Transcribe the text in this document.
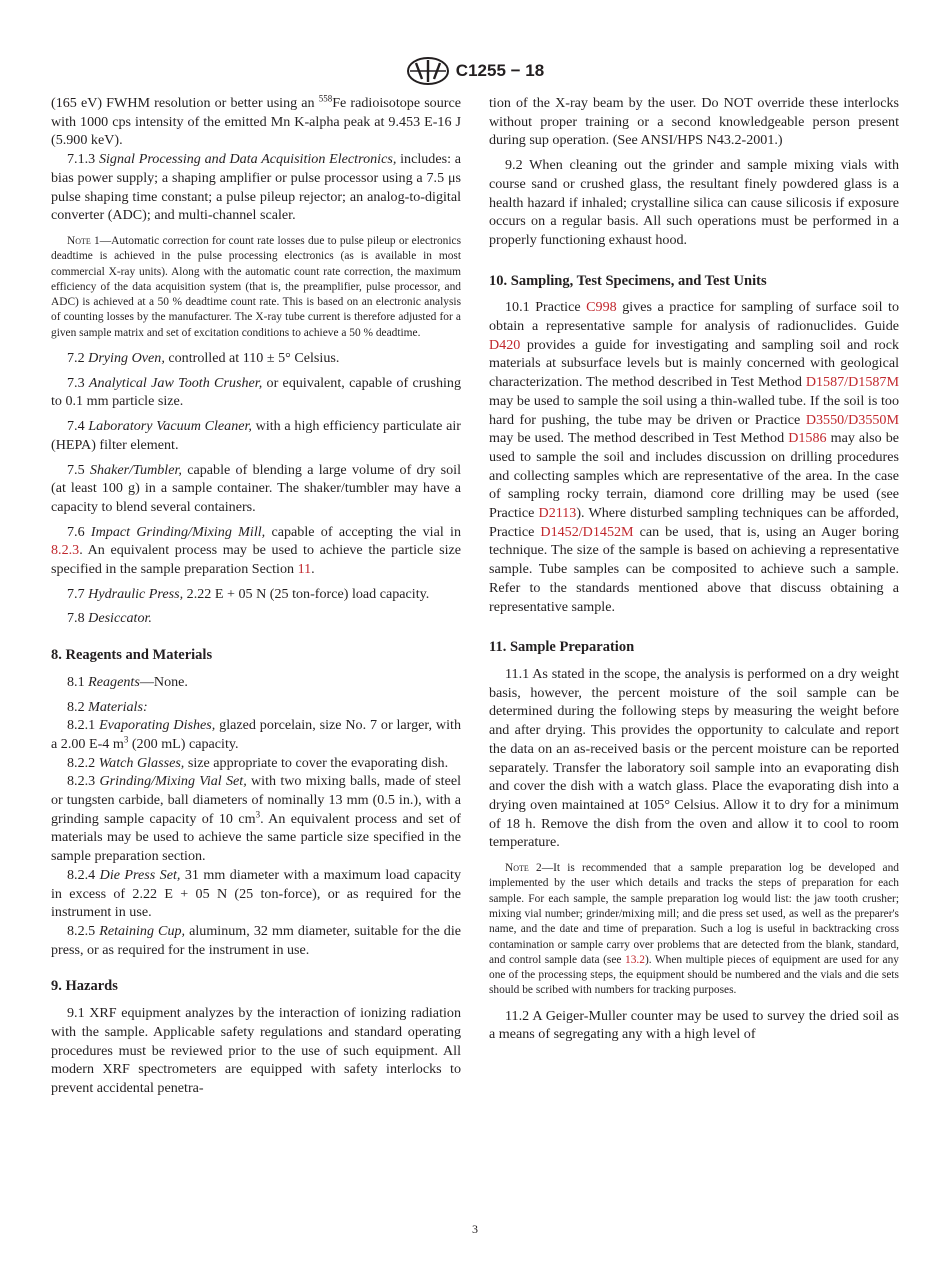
C1255 − 18

(165 eV) FWHM resolution or better using an $^{558}$Fe radioisotope source with 1000 cps intensity of the emitted Mn K-alpha peak at 9.453 E-16 J (5.900 keV).

7.1.3 Signal Processing and Data Acquisition Electronics, includes: a bias power supply; a shaping amplifier or pulse processor using a 7.5 μs pulse shaping time constant; a pulse pileup rejector; an analog-to-digital converter (ADC); and multi-channel scaler.

Note 1—Automatic correction for count rate losses due to pulse pileup or electronics deadtime is achieved in the pulse processing electronics (as is available in most commercial X-ray units). Along with the automatic count rate correction, the maximum efficiency of the data acquisition system (that is, the preamplifier, pulse processor, and ADC) is achieved at a 50 % deadtime count rate. This is based on an electronic analysis of counting losses by the manufacturer. The X-ray tube current is therefore adjusted for a given sample matrix and set of excitation conditions to achieve a 50 % deadtime.

7.2 Drying Oven, controlled at 110 ± 5° Celsius.

7.3 Analytical Jaw Tooth Crusher, or equivalent, capable of crushing to 0.1 mm particle size.

7.4 Laboratory Vacuum Cleaner, with a high efficiency particulate air (HEPA) filter element.

7.5 Shaker/Tumbler, capable of blending a large volume of dry soil (at least 100 g) in a sample container. The shaker/tumbler may have a capacity to blend several containers.

7.6 Impact Grinding/Mixing Mill, capable of accepting the vial in 8.2.3. An equivalent process may be used to achieve the particle size specified in the sample preparation Section 11.

7.7 Hydraulic Press, 2.22 E + 05 N (25 ton-force) load capacity.

7.8 Desiccator.

8. Reagents and Materials

8.1 Reagents—None.

8.2 Materials:

8.2.1 Evaporating Dishes, glazed porcelain, size No. 7 or larger, with a 2.00 E-4 $m^3$ (200 mL) capacity.

8.2.2 Watch Glasses, size appropriate to cover the evaporating dish.

8.2.3 Grinding/Mixing Vial Set, with two mixing balls, made of steel or tungsten carbide, ball diameters of nominally 13 mm (0.5 in.), with a grinding sample capacity of 10 $cm^3$. An equivalent process and set of materials may be used to achieve the same particle size specified in the sample preparation section.

8.2.4 Die Press Set, 31 mm diameter with a maximum load capacity in excess of 2.22 E + 05 N (25 ton-force), or as required for the instrument in use.

8.2.5 Retaining Cup, aluminum, 32 mm diameter, suitable for the die press, or as required for the instrument in use.

9. Hazards

9.1 XRF equipment analyzes by the interaction of ionizing radiation with the sample. Applicable safety regulations and standard operating procedures must be reviewed prior to the use of such equipment. All modern XRF spectrometers are equipped with safety interlocks to prevent accidental penetra-

tion of the X-ray beam by the user. Do NOT override these interlocks without proper training or a second knowledgeable person present during sup operation. (See ANSI/HPS N43.2-2001.)

9.2 When cleaning out the grinder and sample mixing vials with course sand or crushed glass, the resultant finely powdered glass is a health hazard if inhaled; crystalline silica can cause silicosis if exposure occurs on a regular basis. All such operations must be performed in a properly functioning exhaust hood.

10. Sampling, Test Specimens, and Test Units

10.1 Practice C998 gives a practice for sampling of surface soil to obtain a representative sample for analysis of radionuclides. Guide D420 provides a guide for investigating and sampling soil and rock materials at subsurface levels but is mainly concerned with geological characterization. The method described in Test Method D1587/D1587M may be used to sample the soil using a thin-walled tube. If the soil is too hard for pushing, the tube may be driven or Practice D3550/D3550M may be used. The method described in Test Method D1586 may also be used to sample the soil and includes discussion on drilling procedures and collecting samples which are representative of the area. In the case of sampling rocky terrain, diamond core drilling may be used (see Practice D2113). Where disturbed sampling techniques can be afforded, Practice D1452/D1452M can be used, that is, using an Auger boring technique. The size of the sample is based on achieving a representative sample. Tube samples can be composited to achieve such a sample. Refer to the standards mentioned above that discuss obtaining a representative sample.

11. Sample Preparation

11.1 As stated in the scope, the analysis is performed on a dry weight basis, however, the percent moisture of the soil sample can be determined during the following steps by measuring the weight before and after drying. This provides the opportunity to calculate and report the data on an as-received basis or the percent moisture can be reported separately. Transfer the laboratory soil sample into an evaporating dish and cover the dish with a watch glass. Place the evaporating dish into a drying oven maintained at 105° Celsius. Allow it to dry for a minimum of 18 h. Remove the dish from the oven and allow it to cool to room temperature.

Note 2—It is recommended that a sample preparation log be developed and implemented by the user which details and tracks the steps of preparation for each sample. For each sample, the sample preparation log would list: the jaw tooth crusher; mixing vial number; grinder/mixing mill; and die press set used, as well as the preparer's name, and the date and time of preparation. Such a log is useful in backtracking cross contamination or sample carry over problems that are detected from the blank, standard, and control sample data (see 13.2). When multiple pieces of equipment are used for any one of the processing steps, the equipment should be numbered and the vials and die sets should be scribed with numbers for tracking purposes.

11.2 A Geiger-Muller counter may be used to survey the dried soil as a means of segregating any with a high level of

3
